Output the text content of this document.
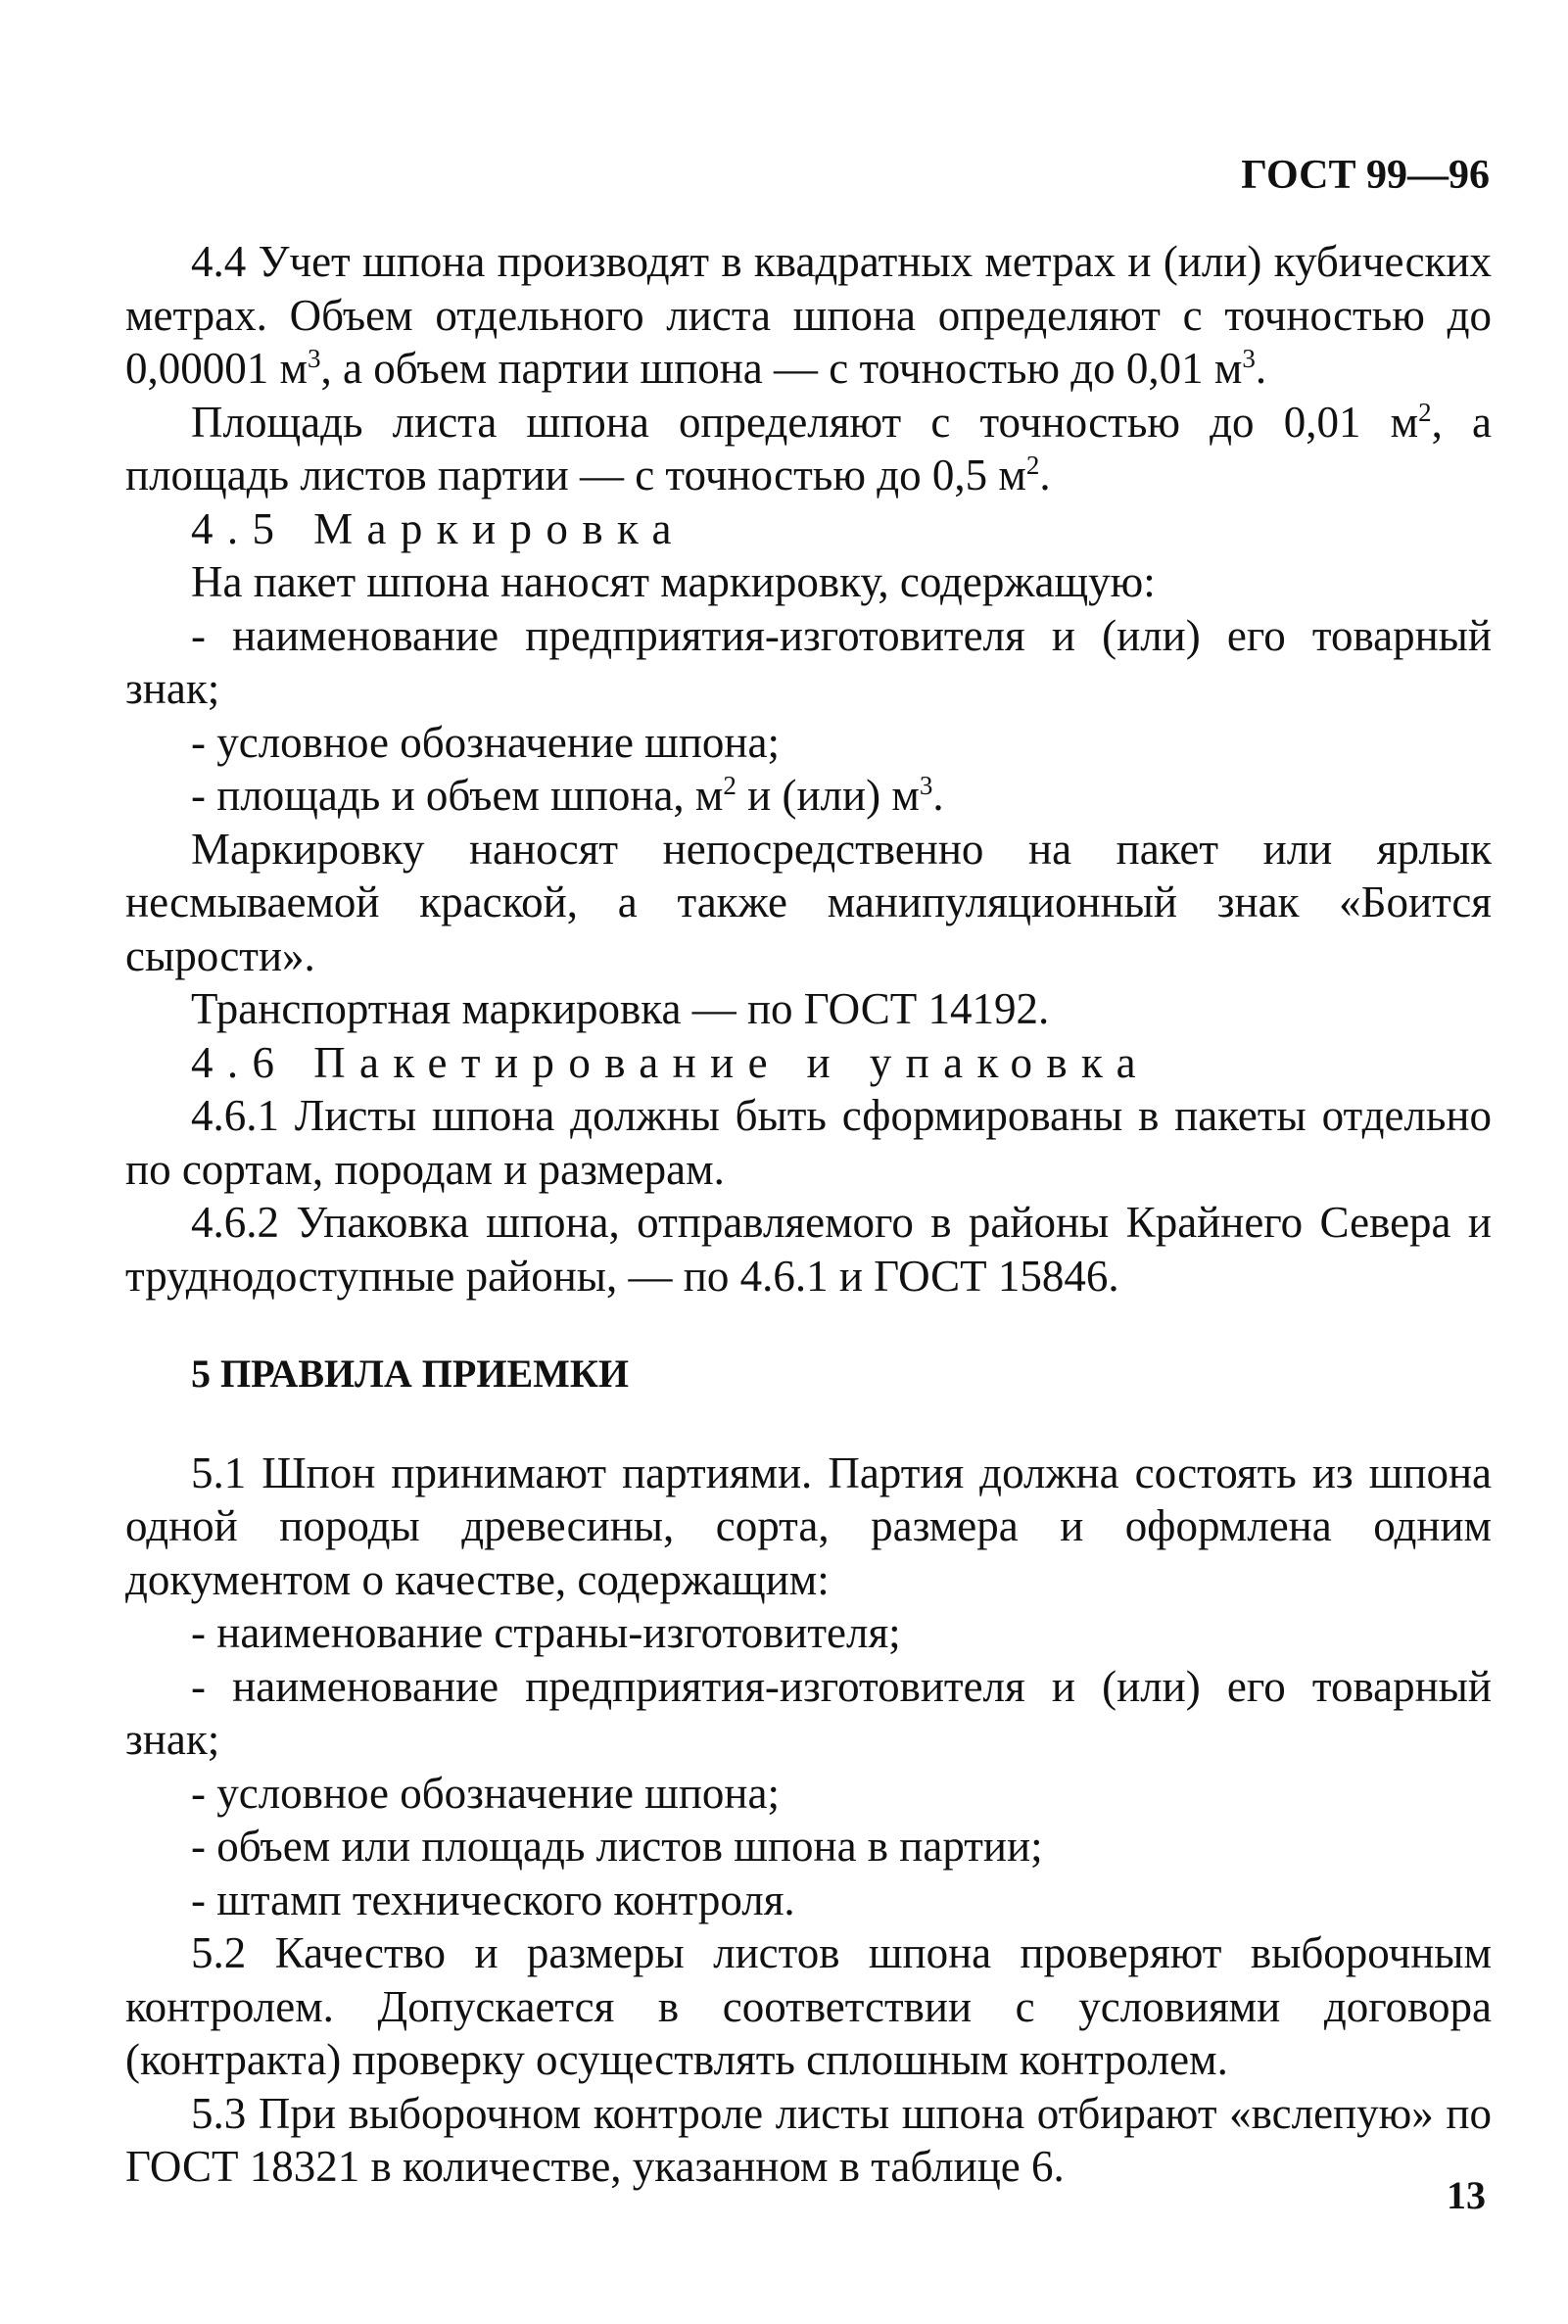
ГОСТ 99—96

4.4 Учет шпона производят в квадратных метрах и (или) кубических метрах. Объем отдельного листа шпона определяют с точностью до 0,00001 $м^3$, а объем партии шпона — с точностью до 0,01 $м^3$.

Площадь листа шпона определяют с точностью до 0,01 $м^2$, а площадь листов партии — с точностью до 0,5 $м^2$.

4.5 Маркировка

На пакет шпона наносят маркировку, содержащую:

- наименование предприятия-изготовителя и (или) его товарный знак;

- условное обозначение шпона;

- площадь и объем шпона, $м^2$ и (или) $м^3$.

Маркировку наносят непосредственно на пакет или ярлык несмываемой краской, а также манипуляционный знак «Боится сырости».

Транспортная маркировка — по ГОСТ 14192.

4.6 Пакетирование и упаковка

4.6.1 Листы шпона должны быть сформированы в пакеты отдельно по сортам, породам и размерам.

4.6.2 Упаковка шпона, отправляемого в районы Крайнего Севера и труднодоступные районы, — по 4.6.1 и ГОСТ 15846.

5 ПРАВИЛА ПРИЕМКИ

5.1 Шпон принимают партиями. Партия должна состоять из шпона одной породы древесины, сорта, размера и оформлена одним документом о качестве, содержащим:

- наименование страны-изготовителя;

- наименование предприятия-изготовителя и (или) его товарный знак;

- условное обозначение шпона;

- объем или площадь листов шпона в партии;

- штамп технического контроля.

5.2 Качество и размеры листов шпона проверяют выборочным контролем. Допускается в соответствии с условиями договора (контракта) проверку осуществлять сплошным контролем.

5.3 При выборочном контроле листы шпона отбирают «вслепую» по ГОСТ 18321 в количестве, указанном в таблице 6.

13
